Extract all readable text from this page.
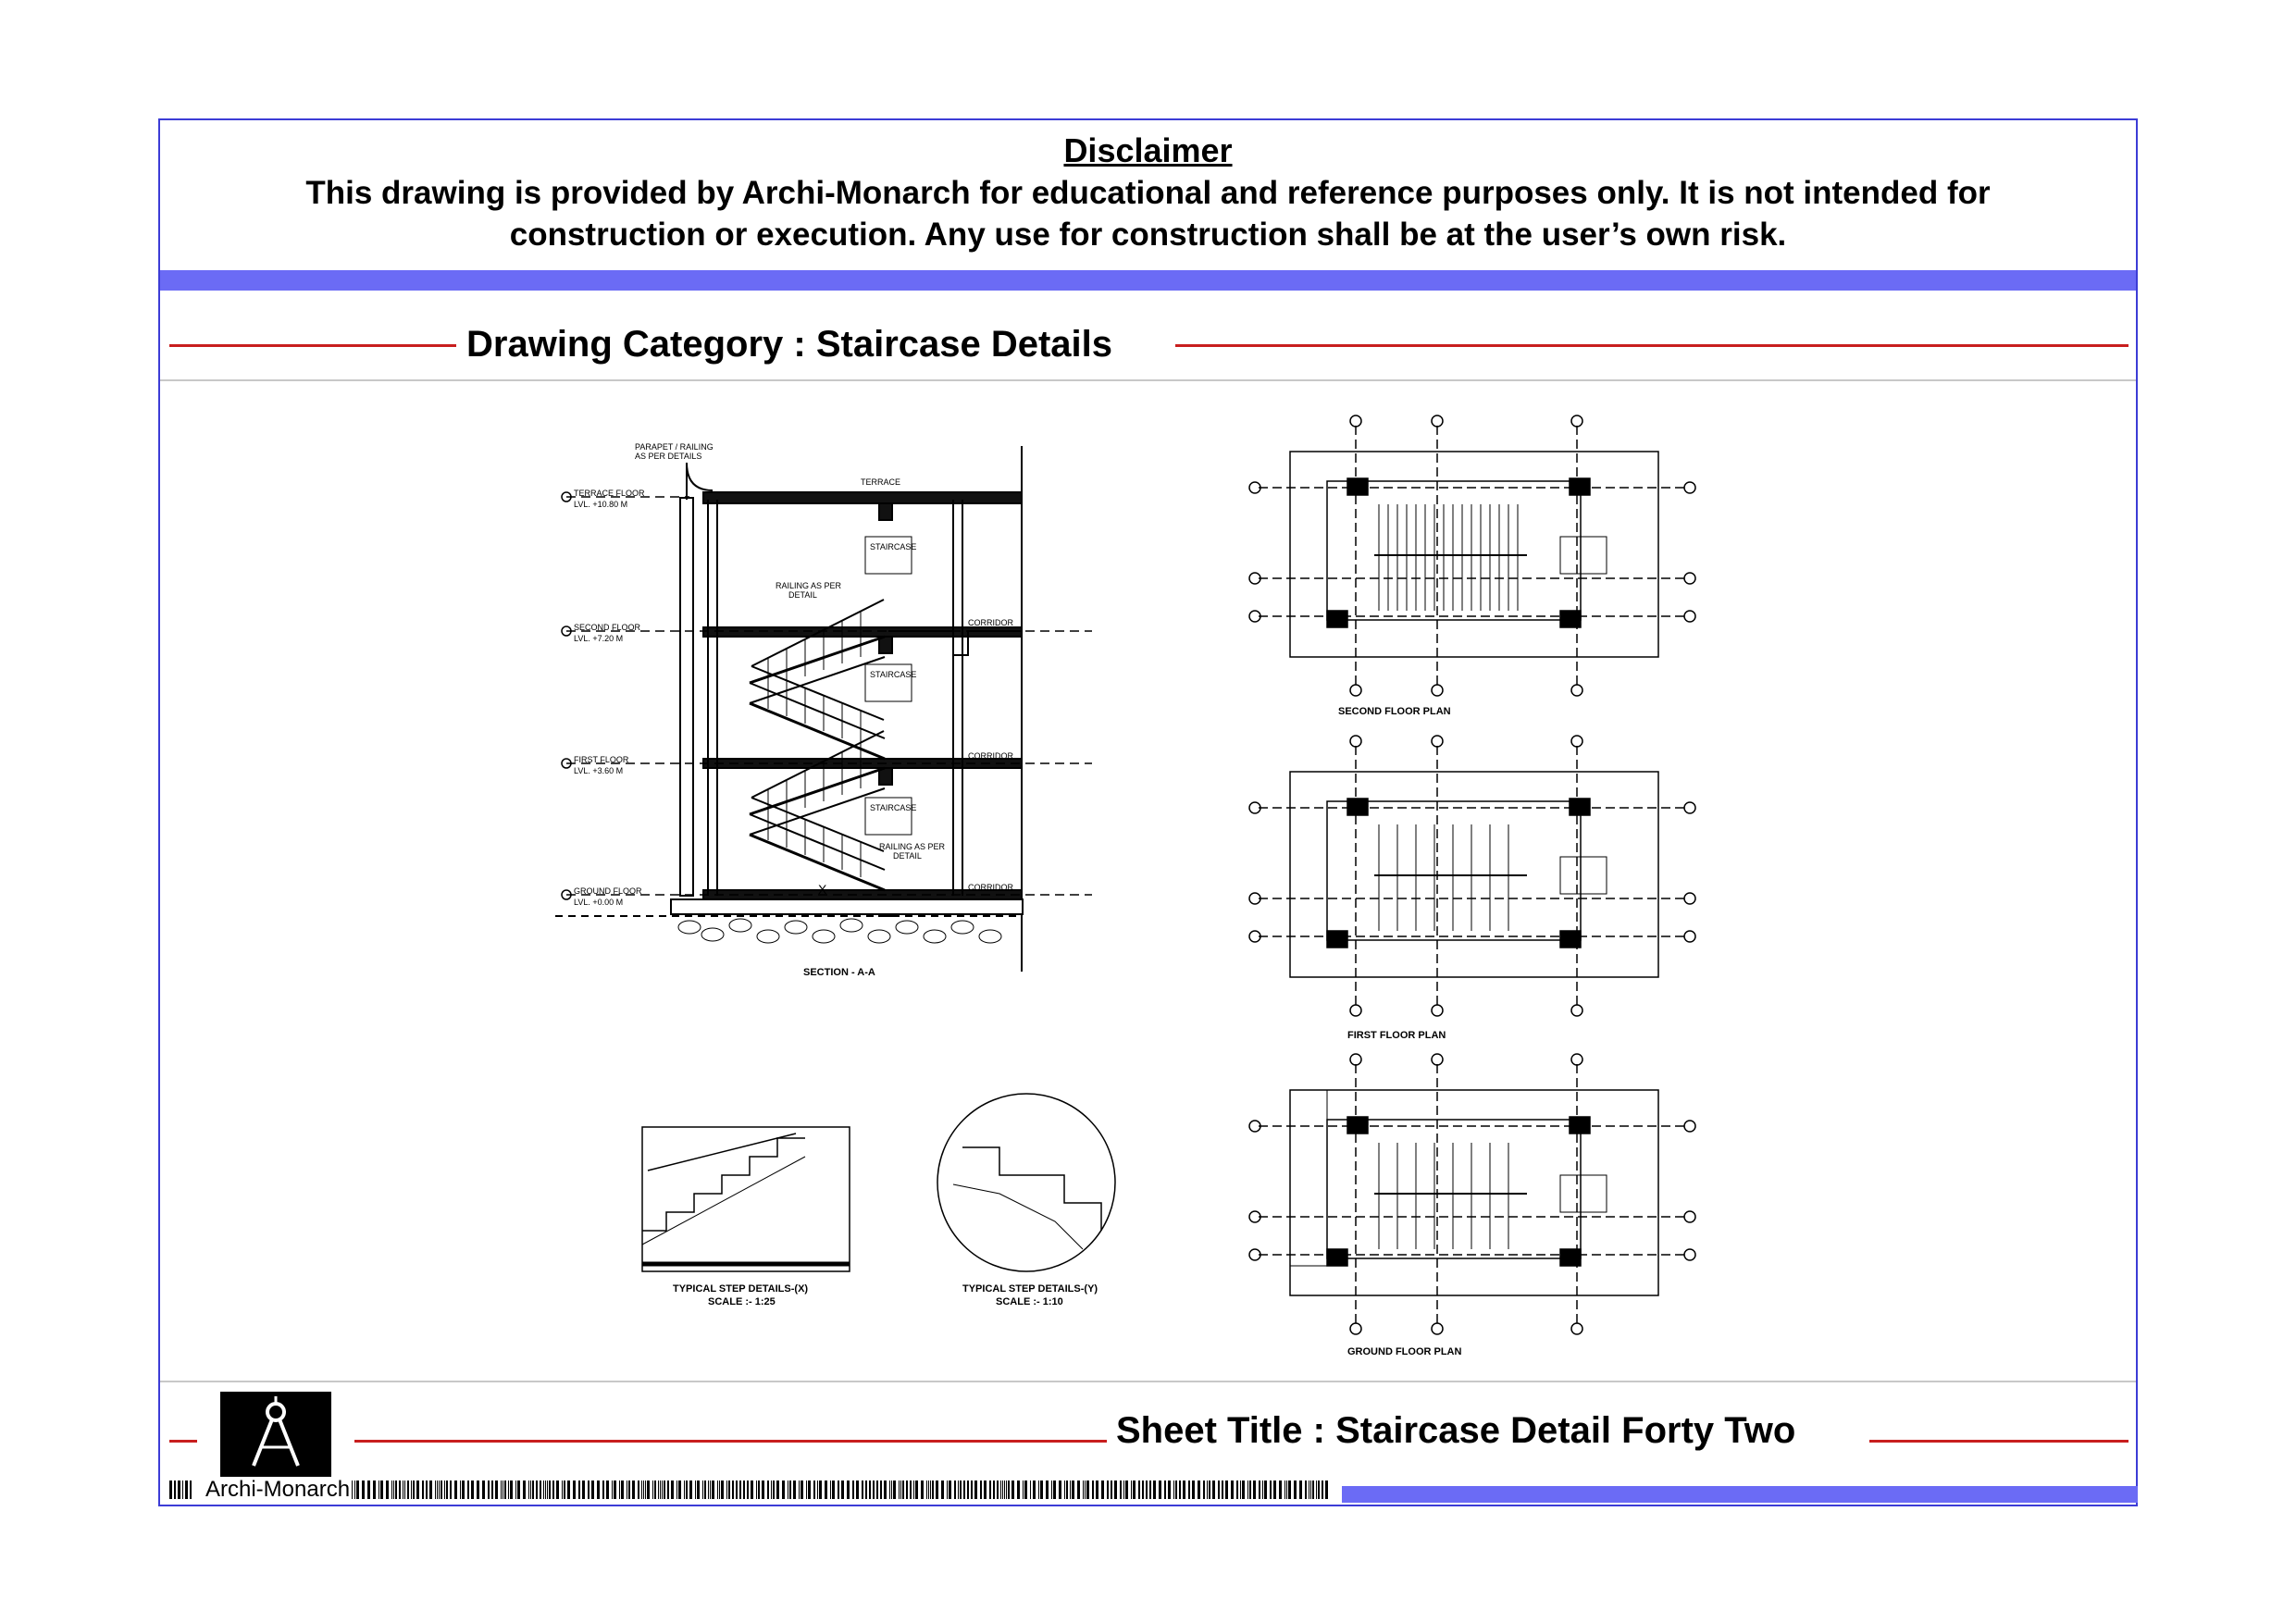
Disclaimer
This drawing is provided by Archi-Monarch for educational and reference purposes only. It is not intended for
construction or execution. Any use for construction shall be at the user’s own risk.
Drawing Category : Staircase Details
TERRACE FLOOR
LVL. +10.80 M
SECOND FLOOR
LVL. +7.20 M
FIRST FLOOR
LVL. +3.60 M
GROUND FLOOR
LVL. +0.00 M
PARAPET / RAILING
AS PER DETAILS
TERRACE
RAILING AS PER
DETAIL
CORRIDOR
CORRIDOR
CORRIDOR
STAIRCASE
STAIRCASE
STAIRCASE
RAILING AS PER
DETAIL
X
SECTION - A-A
SECOND FLOOR PLAN
FIRST FLOOR PLAN
GROUND FLOOR PLAN
TYPICAL STEP DETAILS-(X)
SCALE :- 1:25
TYPICAL STEP DETAILS-(Y)
SCALE :- 1:10
Sheet Title : Staircase Detail Forty Two
Archi-Monarch
